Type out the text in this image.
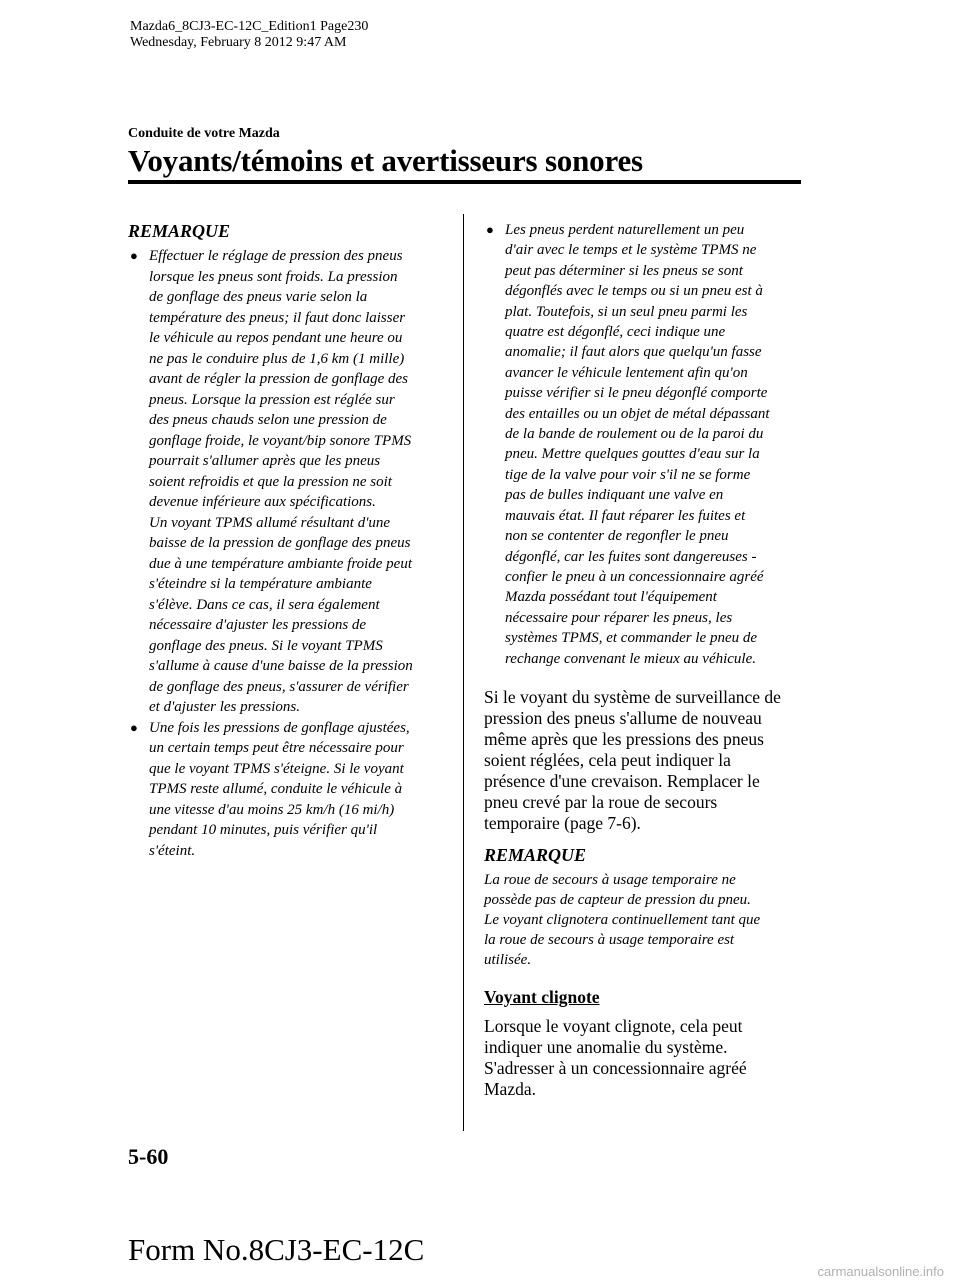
Mazda6_8CJ3-EC-12C_Edition1 Page230
Wednesday, February 8 2012 9:47 AM
Conduite de votre Mazda
Voyants/témoins et avertisseurs sonores
REMARQUE
● Effectuer le réglage de pression des pneus
lorsque les pneus sont froids. La pression
de gonflage des pneus varie selon la
température des pneus; il faut donc laisser
le véhicule au repos pendant une heure ou
ne pas le conduire plus de 1,6 km (1 mille)
avant de régler la pression de gonflage des
pneus. Lorsque la pression est réglée sur
des pneus chauds selon une pression de
gonflage froide, le voyant/bip sonore TPMS
pourrait s'allumer après que les pneus
soient refroidis et que la pression ne soit
devenue inférieure aux spécifications.
Un voyant TPMS allumé résultant d'une
baisse de la pression de gonflage des pneus
due à une température ambiante froide peut
s'éteindre si la température ambiante
s'élève. Dans ce cas, il sera également
nécessaire d'ajuster les pressions de
gonflage des pneus. Si le voyant TPMS
s'allume à cause d'une baisse de la pression
de gonflage des pneus, s'assurer de vérifier
et d'ajuster les pressions.
● Une fois les pressions de gonflage ajustées,
un certain temps peut être nécessaire pour
que le voyant TPMS s'éteigne. Si le voyant
TPMS reste allumé, conduite le véhicule à
une vitesse d'au moins 25 km/h (16 mi/h)
pendant 10 minutes, puis vérifier qu'il
s'éteint.
● Les pneus perdent naturellement un peu
d'air avec le temps et le système TPMS ne
peut pas déterminer si les pneus se sont
dégonflés avec le temps ou si un pneu est à
plat. Toutefois, si un seul pneu parmi les
quatre est dégonflé, ceci indique une
anomalie; il faut alors que quelqu'un fasse
avancer le véhicule lentement afin qu'on
puisse vérifier si le pneu dégonflé comporte
des entailles ou un objet de métal dépassant
de la bande de roulement ou de la paroi du
pneu. Mettre quelques gouttes d'eau sur la
tige de la valve pour voir s'il ne se forme
pas de bulles indiquant une valve en
mauvais état. Il faut réparer les fuites et
non se contenter de regonfler le pneu
dégonflé, car les fuites sont dangereuses -
confier le pneu à un concessionnaire agréé
Mazda possédant tout l'équipement
nécessaire pour réparer les pneus, les
systèmes TPMS, et commander le pneu de
rechange convenant le mieux au véhicule.
Si le voyant du système de surveillance de
pression des pneus s'allume de nouveau
même après que les pressions des pneus
soient réglées, cela peut indiquer la
présence d'une crevaison. Remplacer le
pneu crevé par la roue de secours
temporaire (page 7-6).
REMARQUE
La roue de secours à usage temporaire ne
possède pas de capteur de pression du pneu.
Le voyant clignotera continuellement tant que
la roue de secours à usage temporaire est
utilisée.
Voyant clignote
Lorsque le voyant clignote, cela peut
indiquer une anomalie du système.
S'adresser à un concessionnaire agréé
Mazda.
5-60
Form No.8CJ3-EC-12C
carmanualsonline.info
